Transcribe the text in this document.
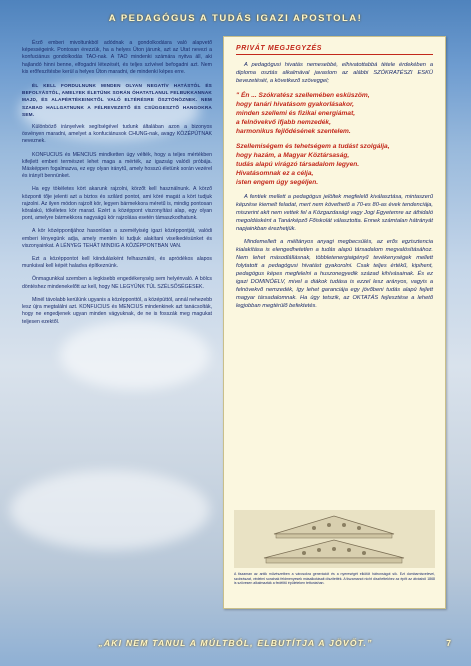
A PEDAGÓGUS A TUDÁS IGAZI APOSTOLA!

Érző emberi mivoltunkból adódnak a gondolkodásra való alapvető képességeink. Pontosan érezzük, ha a helyes Úton járunk, azt az Utat nevezi a konfuciánus gondolkodás TAO-nak. A TAO mindenki számára nyitva áll, aki hajlandó hinni benne, elfogadni létezését, és teljes szívével befogadni azt. Nem kis erőfeszítésbe kerül a helyes Úton maradni, de mindenki képes erre.

ÉL KELL FORDULNUNK MINDEN OLYAN NEGATÍV HATÁSTÓL ÉS BEFOLYÁSTÓL, AMELYEK ÉLETÜNK SORÁN ÓHATATLANUL FELBUKKANNAK MAJD, ÉS ALAPÉRTÉKEINKTŐL VALÓ ELTÉRÉSRE ÖSZTÖNÖZNEK. NEM SZABAD HALLGATNUNK A FÉLREVEZETŐ ÉS CSÜGGESZTŐ HANGOKRA SEM.

Különböző irányelvek segítségével tudunk általában azon a bizonyos ösvényen maradni, amelyet a konfuciánusok CHUNG-nak, avagy KÖZÉPÚTNAK neveznek.

KONFUCIUS és MENCIUS mindketten úgy vélték, hogy a teljes mértékben kifejlett emberi természet lehet maga a mérték, az igazság valódi próbája. Másképpen fogalmazva, ez egy olyan iránytű, amely hosszú életünk során vezérel és irányít bennünket.

Ha egy tökéletes kört akarunk rajzolni, körzőt kell használnunk. A körző központi tője jelenti azt a biztos és szilárd pontot, ami köré magát a kört tudjuk rajzolni. Az ilyen módon rajzolt kör, legyen bármekkora méretű is, mindig pontosan köralakú, tökéletes kör marad. Ezért a középpont viszonyítási alap, egy olyan pont, amelyre bármekkora nagyságú kör rajzolása esetén támaszkodhatunk.

A kör középpontjához hasonlóan a személyiség igazi középpontját, valódi emberi lényegünk adja, amely mentén ki tudjuk alakítani viselkedésünket és viszonyainkat. A LÉNYEG TEHÁT MINDIG A KÖZÉPPONTBAN VAN.

Ezt a középpontot kell kiindulásként felhasználni, és apródékos alapos munkával kell képét haladva építkeznünk.

Önmagunkkal szemben a legkisebb engedékenység sem helyénvaló. A bölcs döntéshez mindenekelőtt az kell, hogy NE LEGYÜNK TÚL SZÉLSŐSÉGESEK.

Minél távolabb kerülünk ugyanis a középponttól, a középúttól, annál nehezebb lesz újra megtalálni azt. KONFUCIUS és MENCIUS mindenkinek azt tanácsolták, hogy ne engedjenek ugyan minden vágyuknak, de ne is fosszák meg magukat teljesen ezektől.

PRIVÁT MEGJEGYZÉS

A pedagógusi hivatás nemesebbé, elhivatottabbá tétele érdekében a diploma osztás alkalmával javaslom az alábbi SZÓKRATÉSZI ESKÜ bevezetését, a következő szöveggel;

" Én ... Szókratész szellemében esküszöm,
hogy tanári hivatásom gyakorlásakor,
minden szellemi és fizikai energiámat,
a felnövekvő ifjabb nemzedék,
harmonikus fejlődésének szentelem.
Szellemiségem és tehetségem a tudást szolgálja,
hogy hazám, a Magyar Köztársaság,
tudás alapú virágzó társadalom legyen.
Hivatásomnak ez a célja,
isten engem úgy segéljen.

A fentiek mellett a pedagógus jelöltek megfelelő kiválasztása, mintaszerű képzése kiemelt feladat, mert nem követhető a 70-es 80-as évek tendenciája, miszerint akit nem vettek fel a Közgazdasági vagy Jogi Egyetemre az áthidaló megoldásként a Tanárképző Főiskolát választotta. Ennek számtalan hátrányát napjainkban érezhetjük.

Mindemellett a méltányos anyagi megbecsülés, az erős egzisztencia kialakítása is elengedhetetlen a tudás alapú társadalom megvalósításához. Nem lehet másodlállásnak, többletenergiaigényű tevékenységek mellett folytatott a pedagógusi hivatást gyakorolni. Csak teljes értékű, kipihent, pedagógus képes megfelelni a huszonegyedik század kihívásainak. És ez igazi DOMINÓELV, mivel a diákok tudása is ezzel lesz arányos, vagyis a felnövekvő nemzedék, így lehet garanciája egy jövőbeni tudás alapú fejlett magyar társadalomnak. Ha úgy tetszik, az OKTATÁS fejlesztése a lehető legjobban megtérülő befektetés.

A tiszaman az antik művészetben a városokra generációt és a nyereségét elkötöt hátronságot sík. Ezt dombarnisvelevei, szobrászat, védelmi sorainak feldmenyesek másalkotásait díszítették. A tiszamanot nicht díszítettekhez az építt az átvásból 1868 is szövesen alkalmazták a fedélitű épületeken tetturáshan.
„AKI NEM TANUL A MÚLTBÓL, ELBUTÍTJA A JÖVŐT.”	7
